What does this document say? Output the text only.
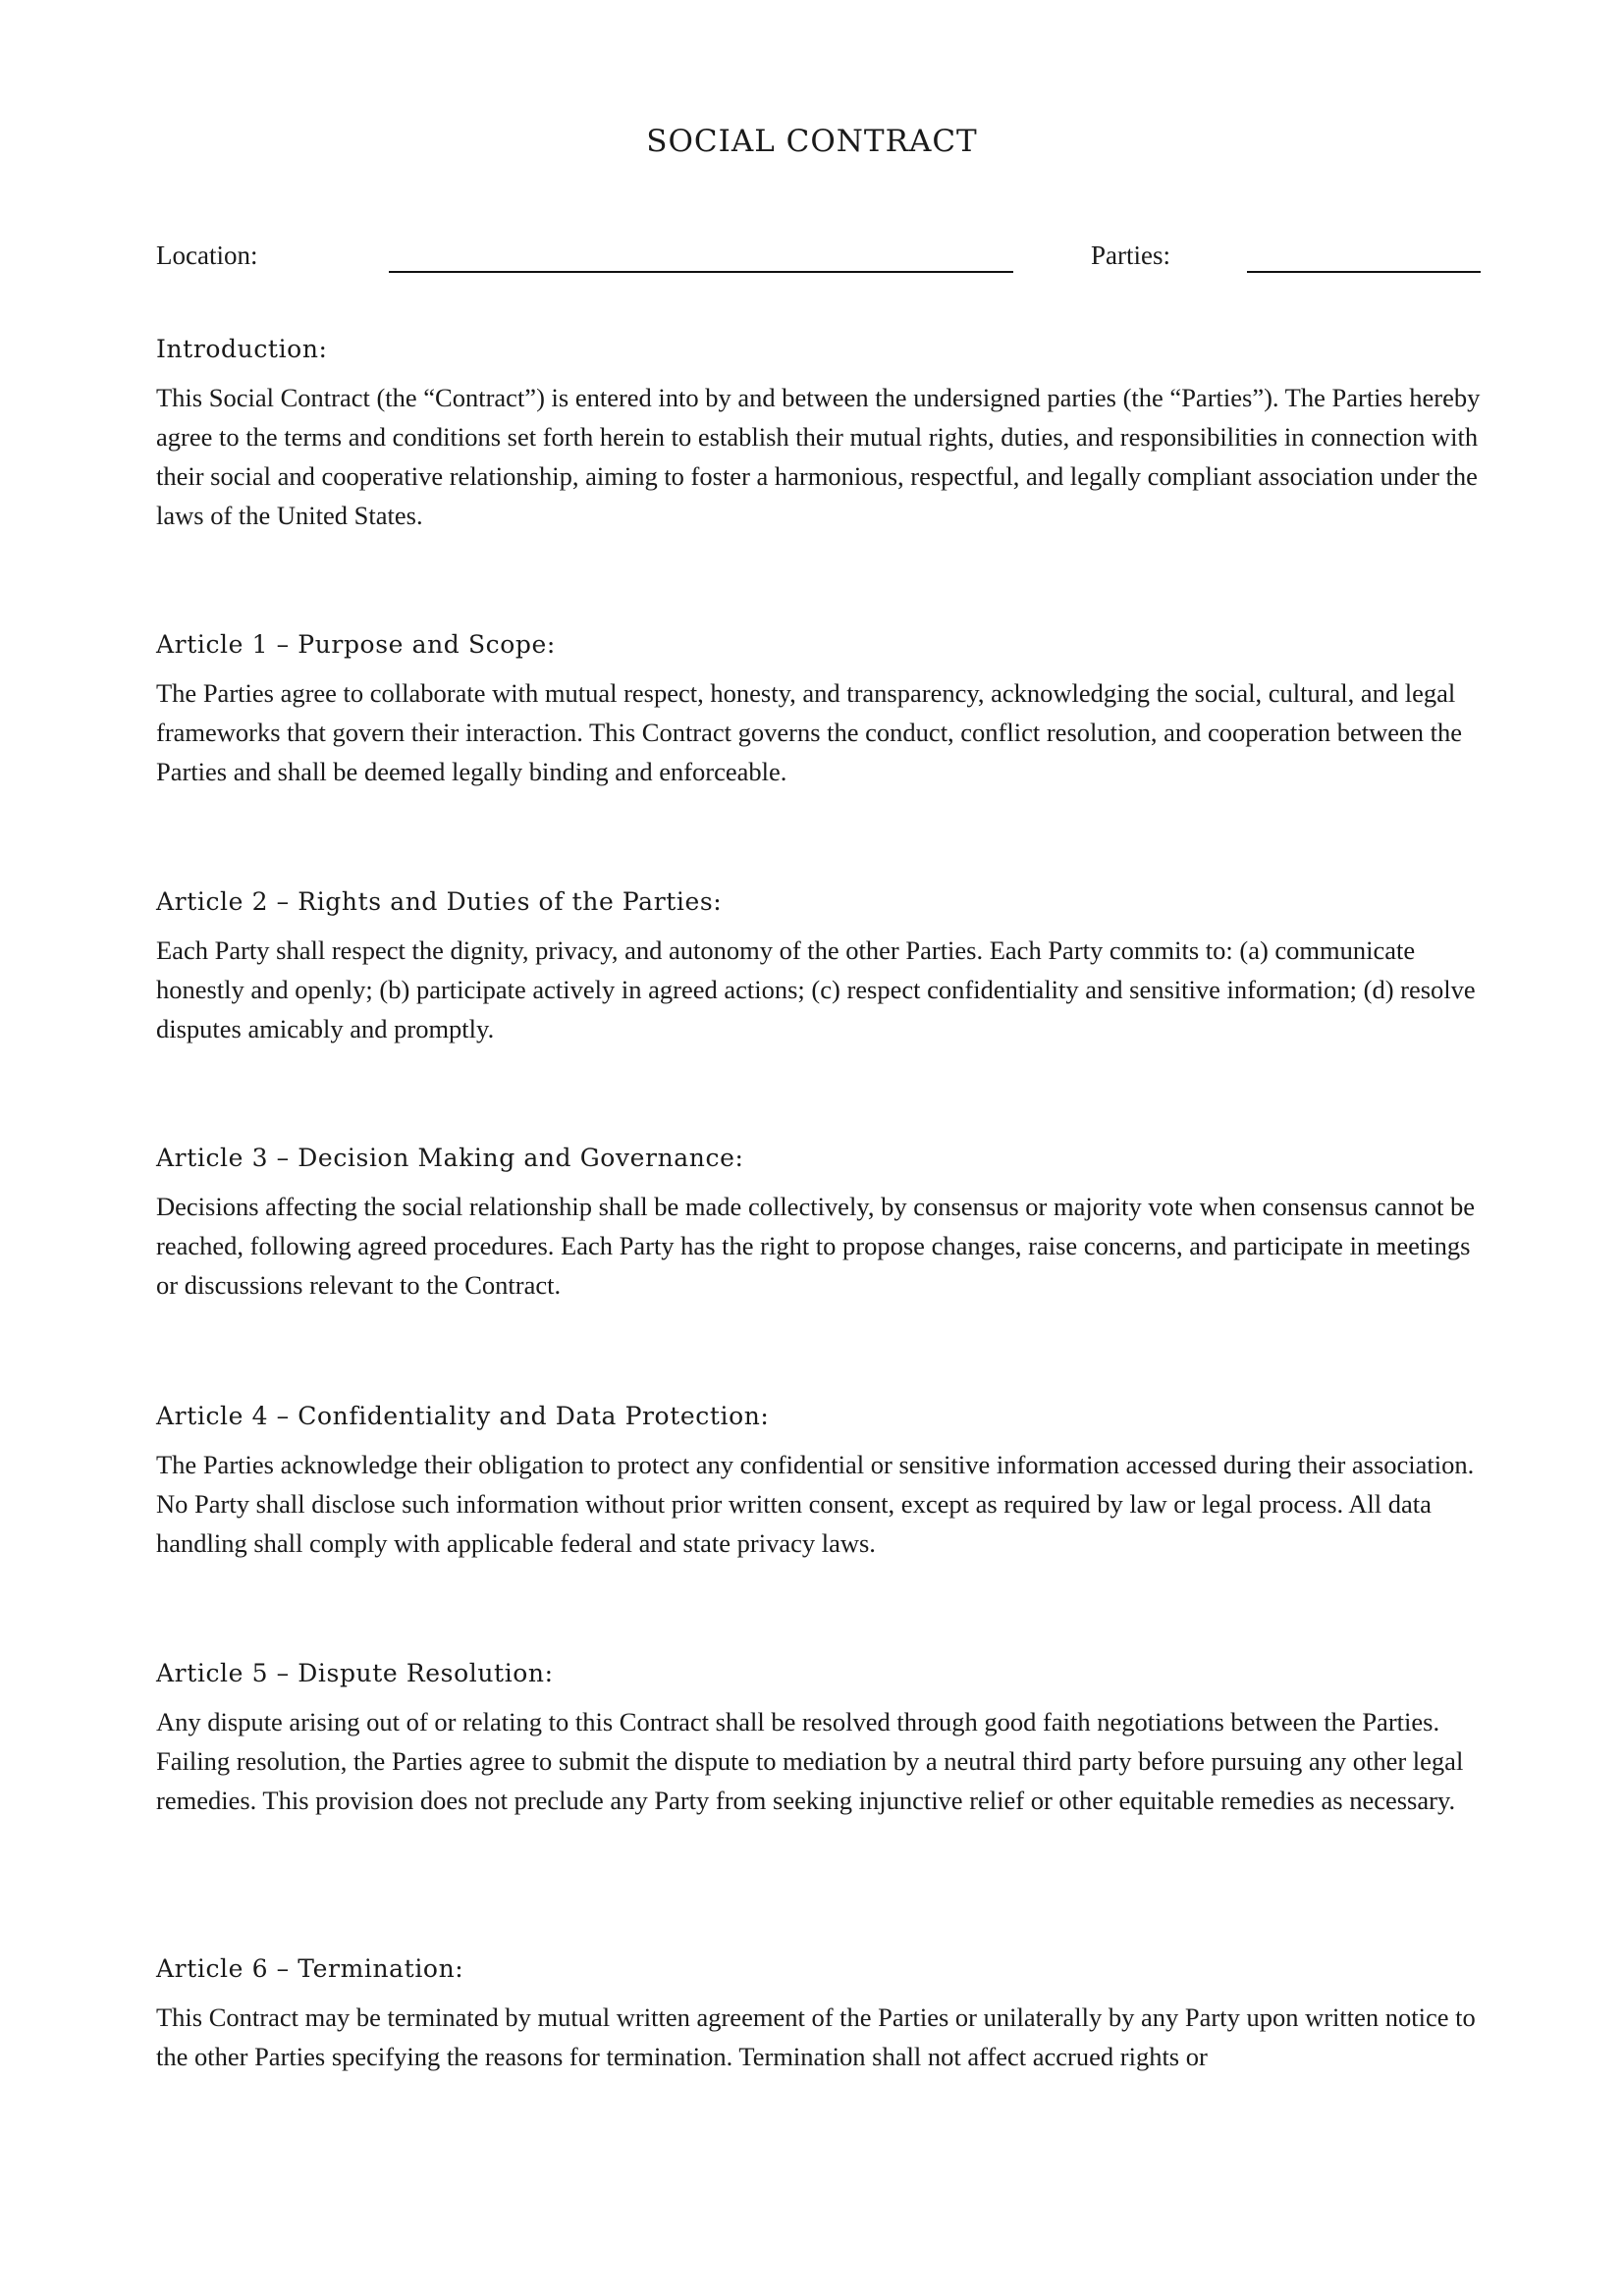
SOCIAL CONTRACT
Location:	Parties:
Introduction:

This Social Contract (the “Contract”) is entered into by and between the undersigned parties (the “Parties”). The Parties hereby agree to the terms and conditions set forth herein to establish their mutual rights, duties, and responsibilities in connection with their social and cooperative relationship, aiming to foster a harmonious, respectful, and legally compliant association under the laws of the United States.

Article 1 – Purpose and Scope:

The Parties agree to collaborate with mutual respect, honesty, and transparency, acknowledging the social, cultural, and legal frameworks that govern their interaction. This Contract governs the conduct, conflict resolution, and cooperation between the Parties and shall be deemed legally binding and enforceable.

Article 2 – Rights and Duties of the Parties:

Each Party shall respect the dignity, privacy, and autonomy of the other Parties. Each Party commits to: (a) communicate honestly and openly; (b) participate actively in agreed actions; (c) respect confidentiality and sensitive information; (d) resolve disputes amicably and promptly.

Article 3 – Decision Making and Governance:

Decisions affecting the social relationship shall be made collectively, by consensus or majority vote when consensus cannot be reached, following agreed procedures. Each Party has the right to propose changes, raise concerns, and participate in meetings or discussions relevant to the Contract.

Article 4 – Confidentiality and Data Protection:

The Parties acknowledge their obligation to protect any confidential or sensitive information accessed during their association. No Party shall disclose such information without prior written consent, except as required by law or legal process. All data handling shall comply with applicable federal and state privacy laws.

Article 5 – Dispute Resolution:

Any dispute arising out of or relating to this Contract shall be resolved through good faith negotiations between the Parties. Failing resolution, the Parties agree to submit the dispute to mediation by a neutral third party before pursuing any other legal remedies. This provision does not preclude any Party from seeking injunctive relief or other equitable remedies as necessary.

Article 6 – Termination:

This Contract may be terminated by mutual written agreement of the Parties or unilaterally by any Party upon written notice to the other Parties specifying the reasons for termination. Termination shall not affect accrued rights or
